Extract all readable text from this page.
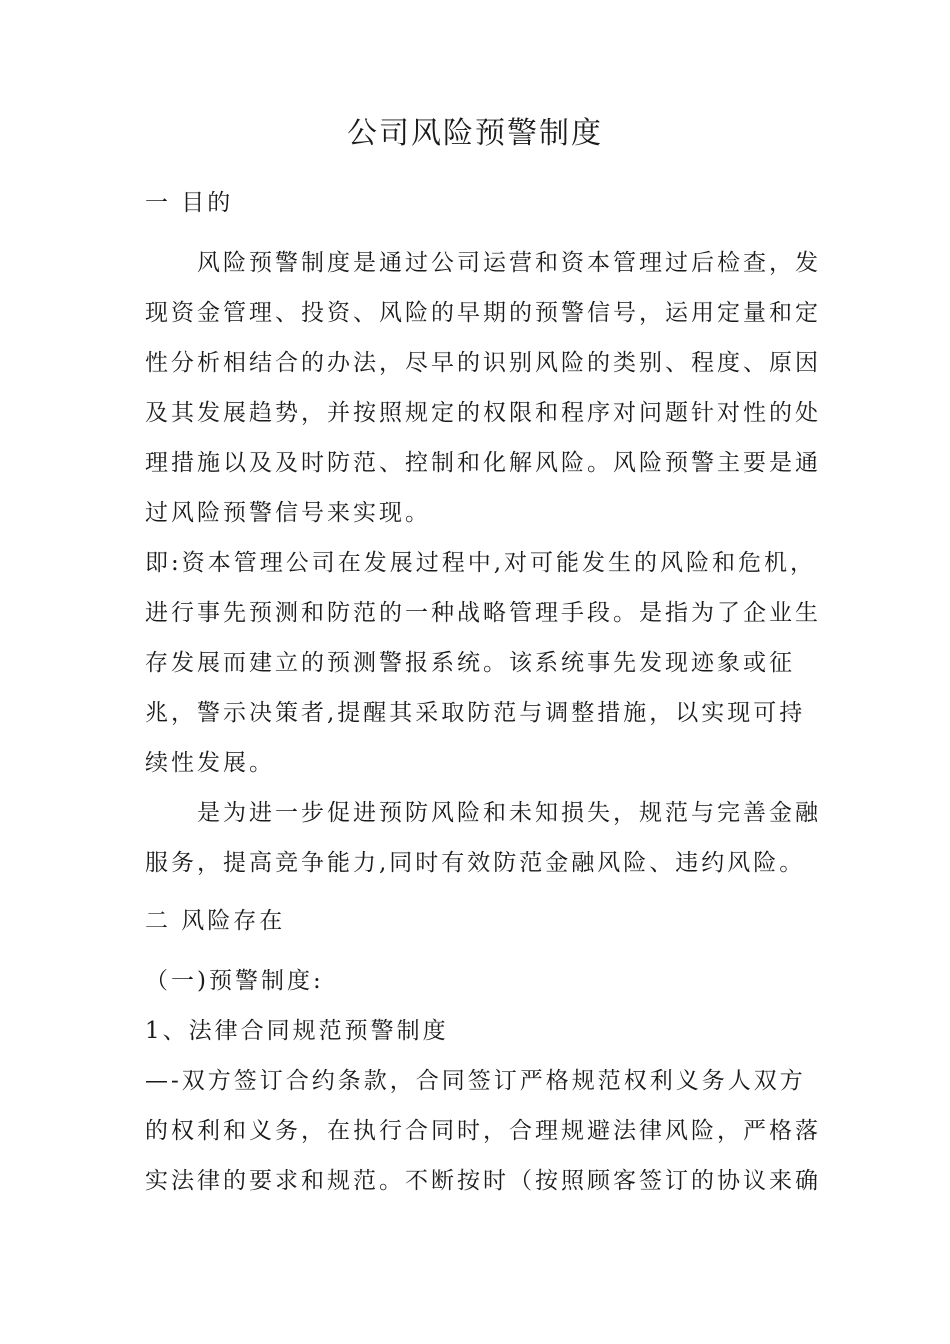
公司风险预警制度
一 目的
风险预警制度是通过公司运营和资本管理过后检查，发
现资金管理、投资、风险的早期的预警信号，运用定量和定
性分析相结合的办法，尽早的识别风险的类别、程度、原因
及其发展趋势，并按照规定的权限和程序对问题针对性的处
理措施以及及时防范、控制和化解风险。风险预警主要是通
过风险预警信号来实现。
即:资本管理公司在发展过程中,对可能发生的风险和危机，
进行事先预测和防范的一种战略管理手段。是指为了企业生
存发展而建立的预测警报系统。该系统事先发现迹象或征
兆，警示决策者,提醒其采取防范与调整措施，以实现可持
续性发展。
是为进一步促进预防风险和未知损失，规范与完善金融
服务，提高竞争能力,同时有效防范金融风险、违约风险。
二 风险存在
（一)预警制度:
1、法律合同规范预警制度
—-双方签订合约条款，合同签订严格规范权利义务人双方
的权利和义务，在执行合同时，合理规避法律风险，严格落
实法律的要求和规范。不断按时（按照顾客签订的协议来确
